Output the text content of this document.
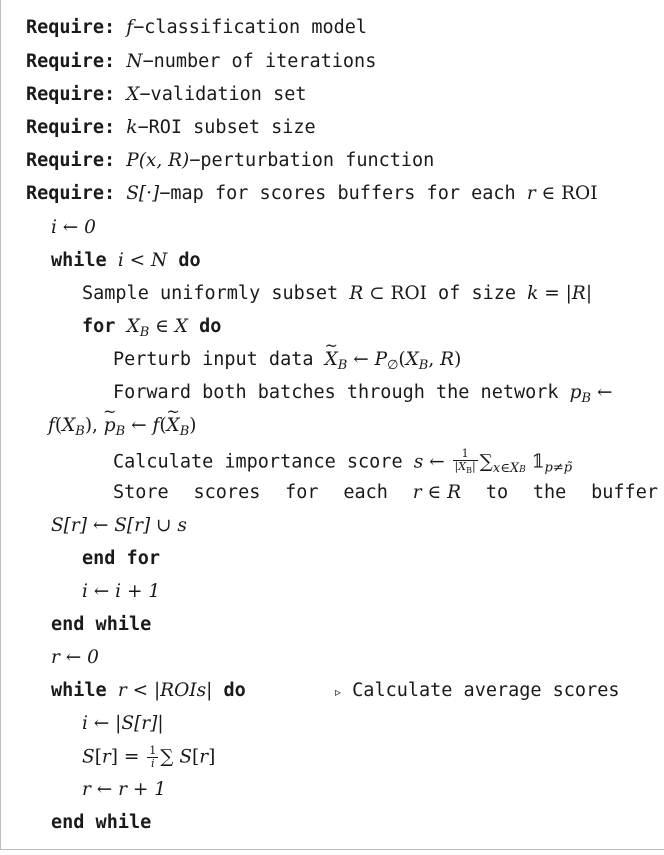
Require: f−classification model
Require: N−number of iterations
Require: X−validation set
Require: k−ROI subset size
Require: P(x, R)−perturbation function
Require: S[·]−map for scores buffers for each r ∈ ROI
i ← 0
while i < N do
Sample uniformly subset R ⊂ ROI of size k = |R|
for $X_B$ ∈ X do
Perturb input data ~ $X_B$ ← $P_\emptyset(X_B$, R)
Forward both batches through the network $p_B$ ←
$f(X_B)$, ~ $p_B$ ← f(~ $X_B$)
Calculate importance score s ← $\frac{1}{|X_B|} \sum_{x\in XB}$ $𝟙_{p\ne p̃}$
Store scores for each r ∈ R to the buffer
S[r] ← S[r] ∪ s
end for
i ← i + 1
end while
r ← 0
while r < |ROIs| do	▹ Calculate average scores
i ← |S[r]|
$S[r] = \frac{1}{i}$ ∑ S[r]
r ← r + 1
end while
